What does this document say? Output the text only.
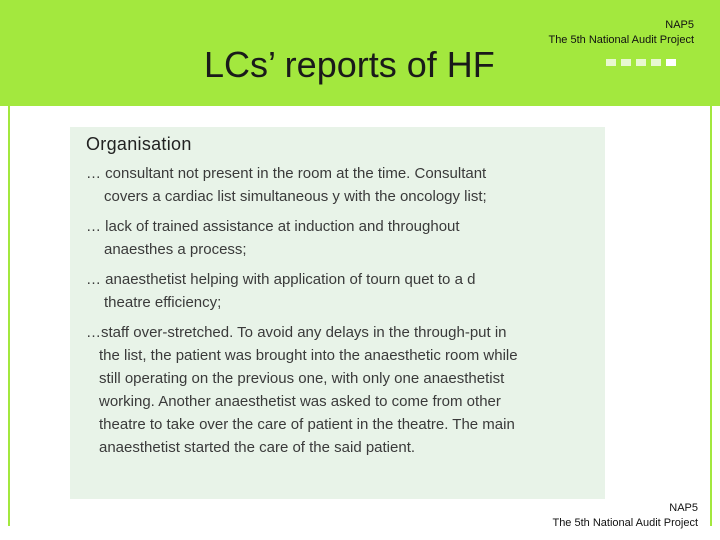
NAP5
The 5th National Audit Project
LCs’ reports of HF
Organisation
… consultant not present in the room at the time. Consultant
covers a cardiac list simultaneous y with the oncology list;
… lack of trained assistance at induction and throughout
anaesthes a process;
… anaesthetist helping with application of tourn quet to a d
theatre efficiency;
…staff over-stretched. To avoid any delays in the through-put in
the list, the patient was brought into the anaesthetic room while
still operating on the previous one, with only one anaesthetist
working. Another anaesthetist was asked to come from other
theatre to take over the care of patient in the theatre. The main
anaesthetist started the care of the said patient.
NAP5
The 5th National Audit Project
